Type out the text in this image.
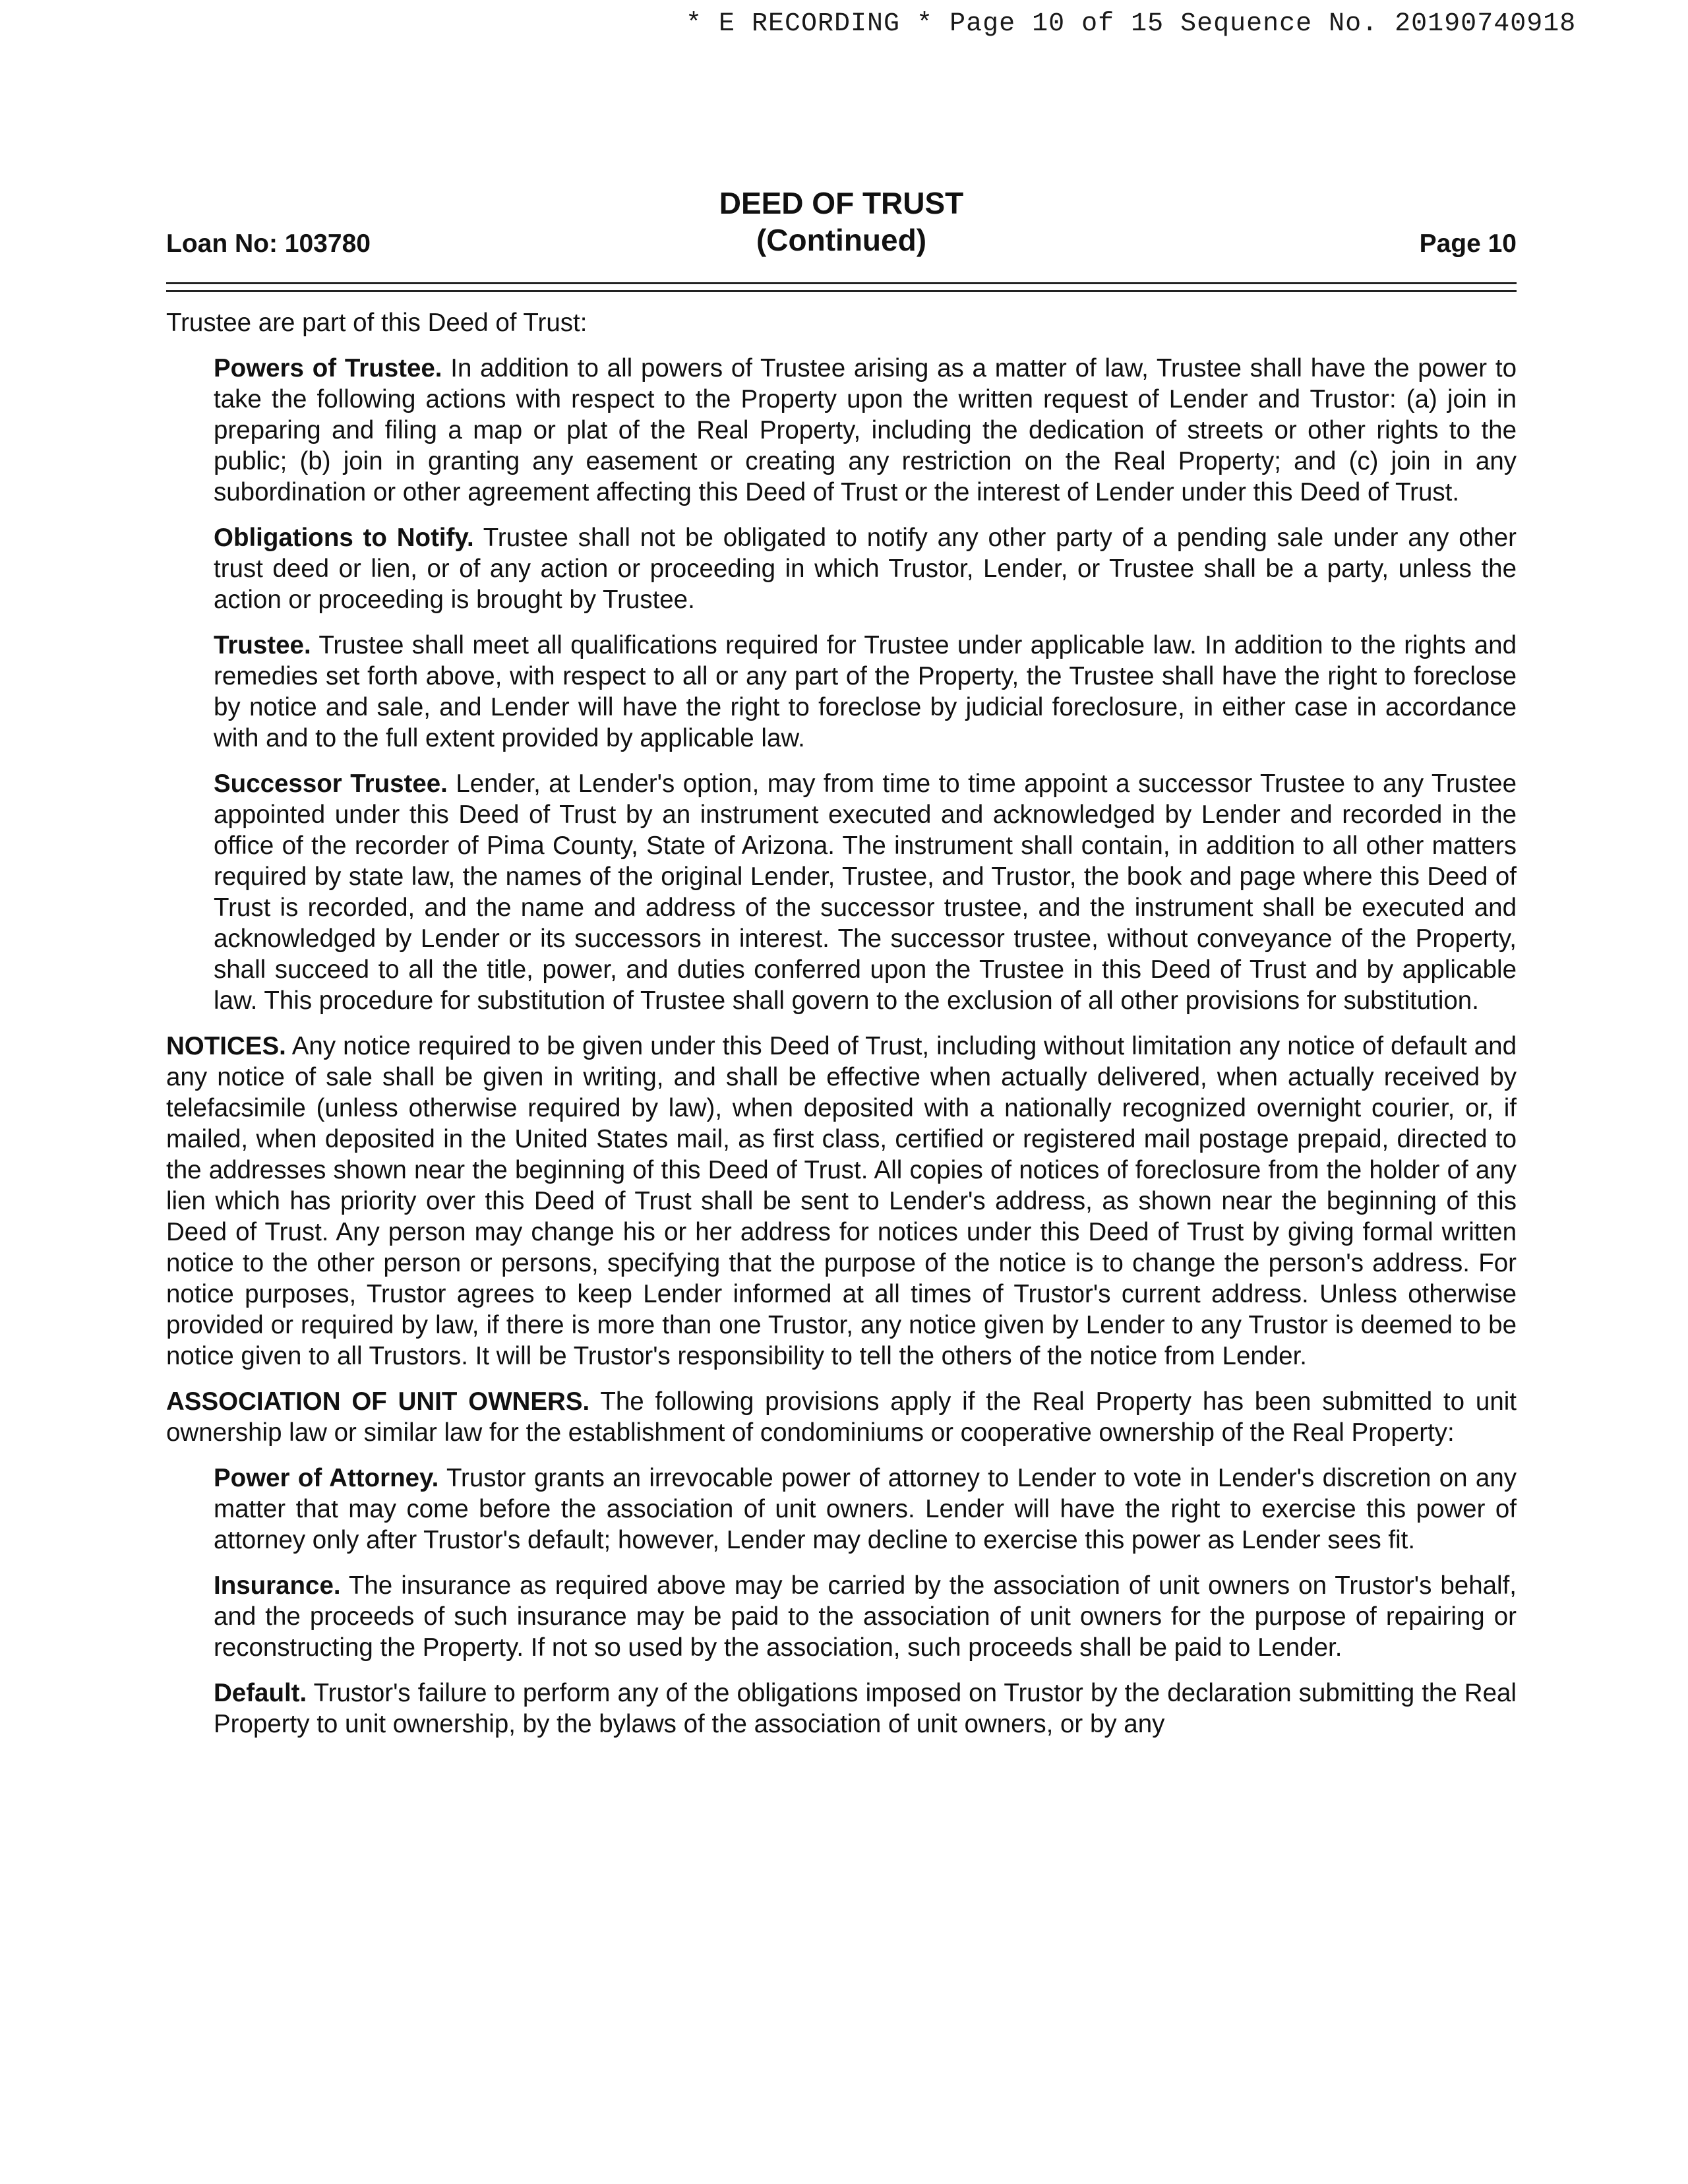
* E RECORDING * Page 10 of 15 Sequence No. 20190740918
Loan No: 103780
DEED OF TRUST
(Continued)	Page 10

Trustee are part of this Deed of Trust:

Powers of Trustee. In addition to all powers of Trustee arising as a matter of law, Trustee shall have the power to take the following actions with respect to the Property upon the written request of Lender and Trustor: (a) join in preparing and filing a map or plat of the Real Property, including the dedication of streets or other rights to the public; (b) join in granting any easement or creating any restriction on the Real Property; and (c) join in any subordination or other agreement affecting this Deed of Trust or the interest of Lender under this Deed of Trust.

Obligations to Notify. Trustee shall not be obligated to notify any other party of a pending sale under any other trust deed or lien, or of any action or proceeding in which Trustor, Lender, or Trustee shall be a party, unless the action or proceeding is brought by Trustee.

Trustee. Trustee shall meet all qualifications required for Trustee under applicable law. In addition to the rights and remedies set forth above, with respect to all or any part of the Property, the Trustee shall have the right to foreclose by notice and sale, and Lender will have the right to foreclose by judicial foreclosure, in either case in accordance with and to the full extent provided by applicable law.

Successor Trustee. Lender, at Lender's option, may from time to time appoint a successor Trustee to any Trustee appointed under this Deed of Trust by an instrument executed and acknowledged by Lender and recorded in the office of the recorder of Pima County, State of Arizona. The instrument shall contain, in addition to all other matters required by state law, the names of the original Lender, Trustee, and Trustor, the book and page where this Deed of Trust is recorded, and the name and address of the successor trustee, and the instrument shall be executed and acknowledged by Lender or its successors in interest. The successor trustee, without conveyance of the Property, shall succeed to all the title, power, and duties conferred upon the Trustee in this Deed of Trust and by applicable law. This procedure for substitution of Trustee shall govern to the exclusion of all other provisions for substitution.

NOTICES. Any notice required to be given under this Deed of Trust, including without limitation any notice of default and any notice of sale shall be given in writing, and shall be effective when actually delivered, when actually received by telefacsimile (unless otherwise required by law), when deposited with a nationally recognized overnight courier, or, if mailed, when deposited in the United States mail, as first class, certified or registered mail postage prepaid, directed to the addresses shown near the beginning of this Deed of Trust. All copies of notices of foreclosure from the holder of any lien which has priority over this Deed of Trust shall be sent to Lender's address, as shown near the beginning of this Deed of Trust. Any person may change his or her address for notices under this Deed of Trust by giving formal written notice to the other person or persons, specifying that the purpose of the notice is to change the person's address. For notice purposes, Trustor agrees to keep Lender informed at all times of Trustor's current address. Unless otherwise provided or required by law, if there is more than one Trustor, any notice given by Lender to any Trustor is deemed to be notice given to all Trustors. It will be Trustor's responsibility to tell the others of the notice from Lender.

ASSOCIATION OF UNIT OWNERS. The following provisions apply if the Real Property has been submitted to unit ownership law or similar law for the establishment of condominiums or cooperative ownership of the Real Property:

Power of Attorney. Trustor grants an irrevocable power of attorney to Lender to vote in Lender's discretion on any matter that may come before the association of unit owners. Lender will have the right to exercise this power of attorney only after Trustor's default; however, Lender may decline to exercise this power as Lender sees fit.

Insurance. The insurance as required above may be carried by the association of unit owners on Trustor's behalf, and the proceeds of such insurance may be paid to the association of unit owners for the purpose of repairing or reconstructing the Property. If not so used by the association, such proceeds shall be paid to Lender.

Default. Trustor's failure to perform any of the obligations imposed on Trustor by the declaration submitting the Real Property to unit ownership, by the bylaws of the association of unit owners, or by any
